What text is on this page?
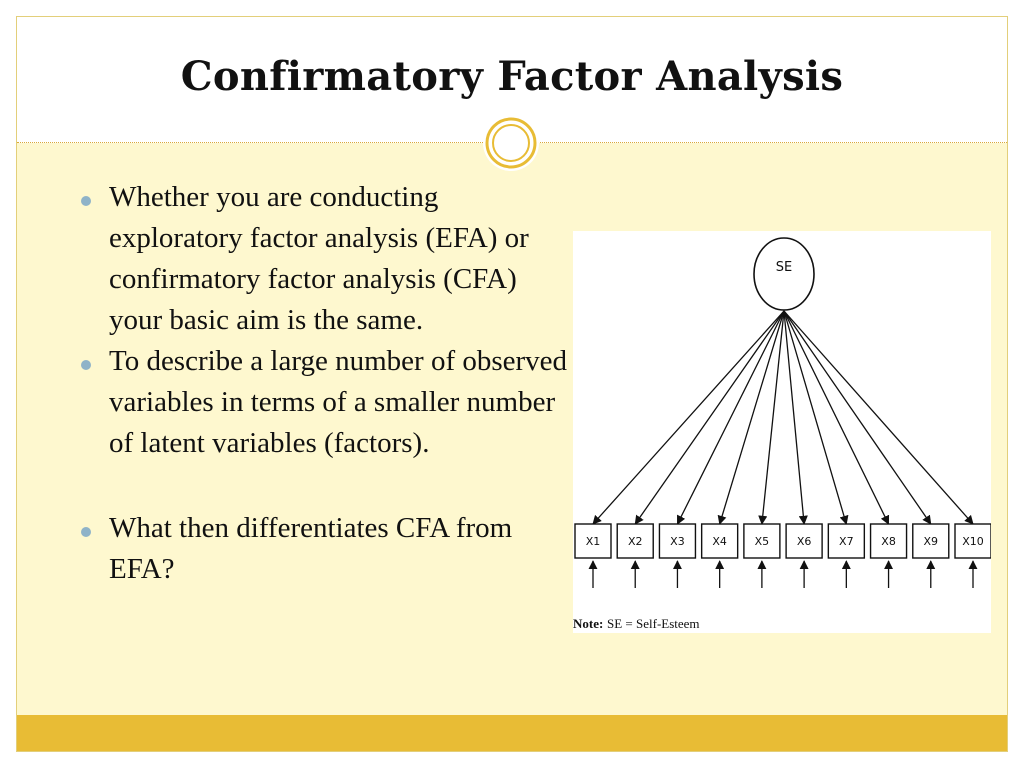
Confirmatory Factor Analysis
Whether you are conducting exploratory factor analysis (EFA) or confirmatory factor analysis (CFA) your basic aim is the same.
To describe a large number of observed variables in terms of a smaller number of latent variables (factors).
What then differentiates CFA from EFA?
SE
X1	X2	X3	X4	X5	X6	X7	X8	X9 X10
Note: SE = Self-Esteem
